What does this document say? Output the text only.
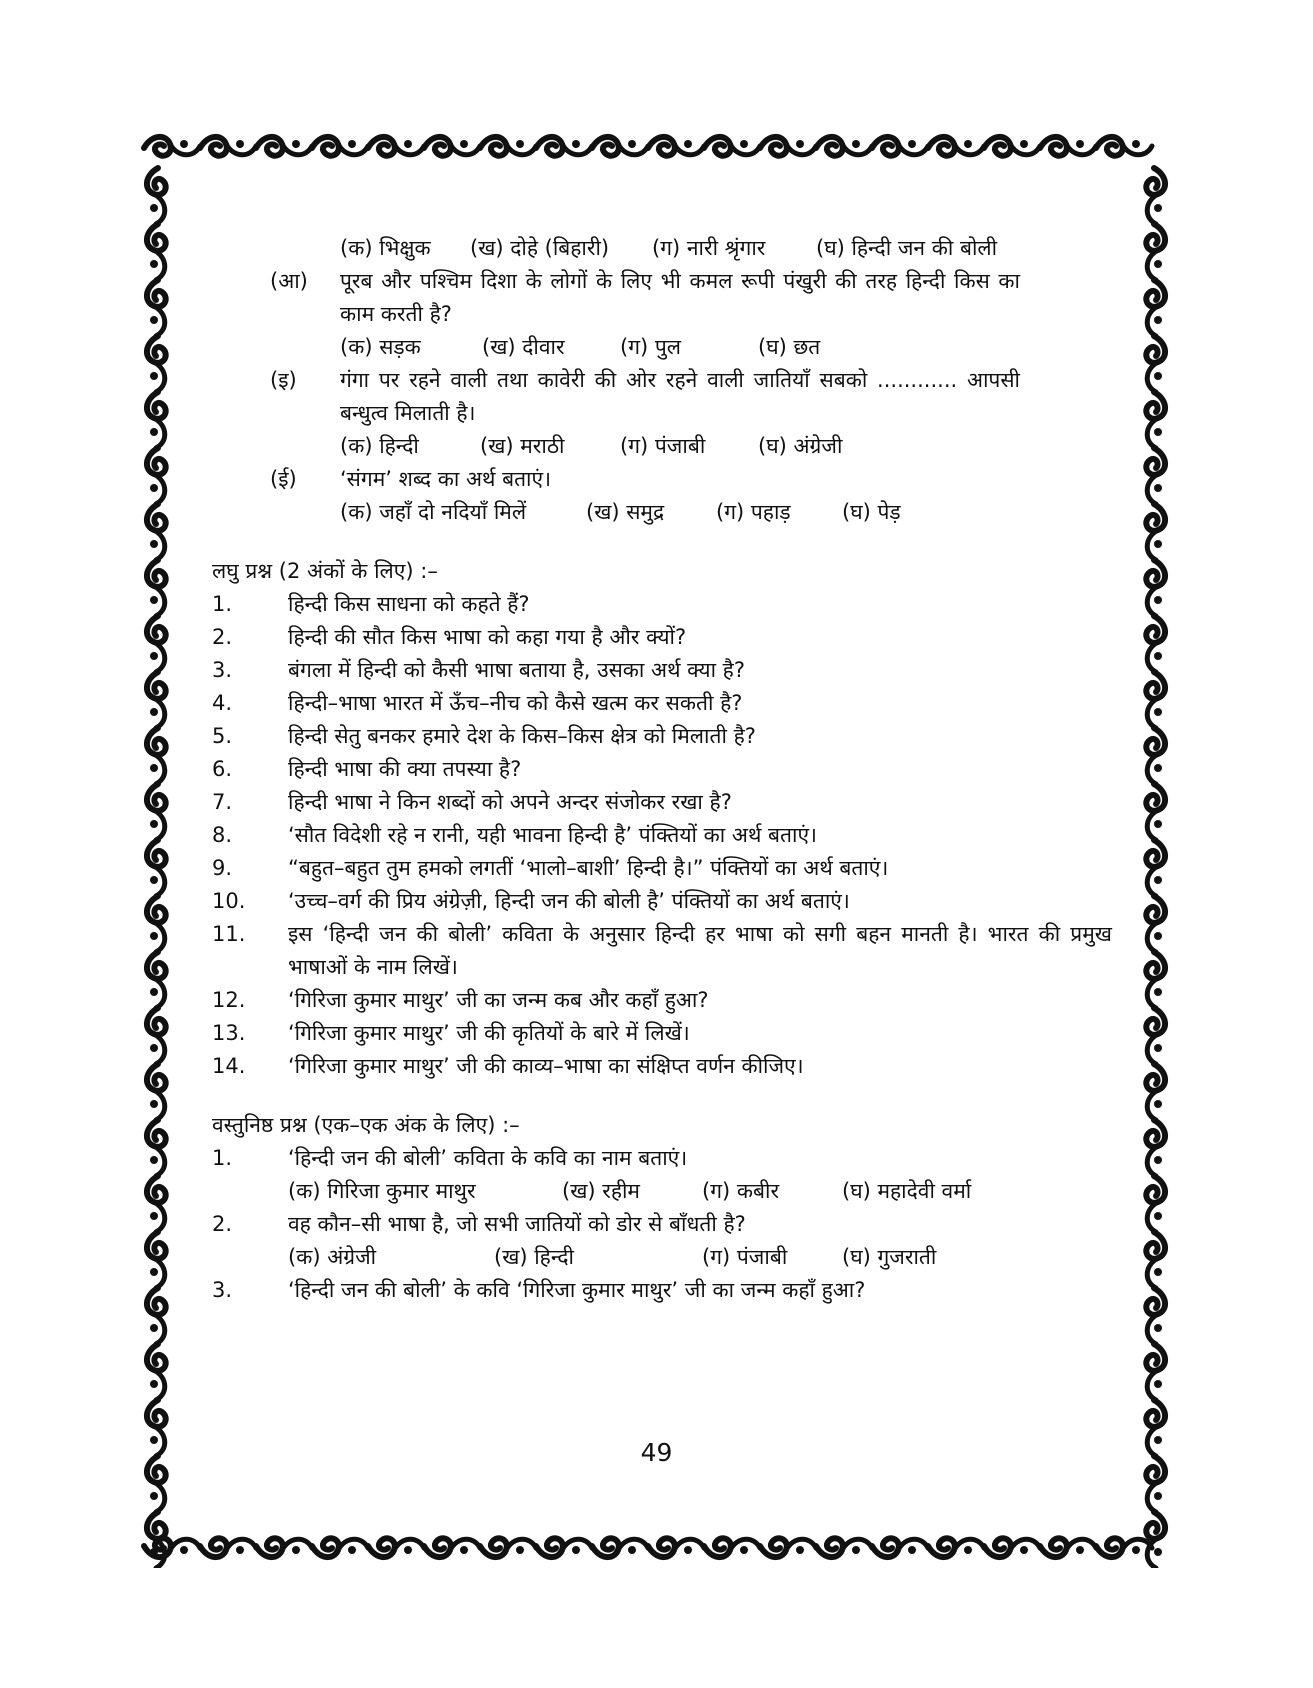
(क) भिक्षुक (ख) दोहे (बिहारी) (ग) नारी श्रृंगार (घ) हिन्दी जन की बोली
(आ) पूरब और पश्चिम दिशा के लोगों के लिए भी कमल रूपी पंखुरी की तरह हिन्दी किस का काम करती है?
(क) सड़क	(ख) दीवार	(ग) पुल	(घ) छत
(इ) गंगा पर रहने वाली तथा कावेरी की ओर रहने वाली जातियाँ सबको ............ आपसी बन्धुत्व मिलाती है।
(क) हिन्दी	(ख) मराठी	(ग) पंजाबी	(घ) अंग्रेजी
(ई) ‘संगम’ शब्द का अर्थ बताएं।
(क) जहाँ दो नदियाँ मिलें	(ख) समुद्र (ग) पहाड़ (घ) पेड़
लघु प्रश्न (2 अंकों के लिए) :–
1.	हिन्दी किस साधना को कहते हैं?
2.	हिन्दी की सौत किस भाषा को कहा गया है और क्यों?
3.	बंगला में हिन्दी को कैसी भाषा बताया है, उसका अर्थ क्या है?
4.	हिन्दी–भाषा भारत में ऊँच–नीच को कैसे खत्म कर सकती है?
5.	हिन्दी सेतु बनकर हमारे देश के किस–किस क्षेत्र को मिलाती है?
6.	हिन्दी भाषा की क्या तपस्या है?
7.	हिन्दी भाषा ने किन शब्दों को अपने अन्दर संजोकर रखा है?
8.	‘सौत विदेशी रहे न रानी, यही भावना हिन्दी है’ पंक्तियों का अर्थ बताएं।
9.	“बहुत–बहुत तुम हमको लगतीं ‘भालो–बाशी’ हिन्दी है।” पंक्तियों का अर्थ बताएं।
10. ‘उच्च–वर्ग की प्रिय अंग्रेज़ी, हिन्दी जन की बोली है’ पंक्तियों का अर्थ बताएं।
11. इस ‘हिन्दी जन की बोली’ कविता के अनुसार हिन्दी हर भाषा को सगी बहन मानती है। भारत की प्रमुख भाषाओं के नाम लिखें।
12. ‘गिरिजा कुमार माथुर’ जी का जन्म कब और कहाँ हुआ?
13. ‘गिरिजा कुमार माथुर’ जी की कृतियों के बारे में लिखें।
14. ‘गिरिजा कुमार माथुर’ जी की काव्य–भाषा का संक्षिप्त वर्णन कीजिए।
वस्तुनिष्ठ प्रश्न (एक–एक अंक के लिए) :–
1.	‘हिन्दी जन की बोली’ कविता के कवि का नाम बताएं।
(क) गिरिजा कुमार माथुर	(ख) रहीम	(ग) कबीर	(घ) महादेवी वर्मा
2.	वह कौन–सी भाषा है, जो सभी जातियों को डोर से बाँधती है?
(क) अंग्रेजी	(ख) हिन्दी	(ग) पंजाबी	(घ) गुजराती
3.	‘हिन्दी जन की बोली’ के कवि ‘गिरिजा कुमार माथुर’ जी का जन्म कहाँ हुआ?
49
